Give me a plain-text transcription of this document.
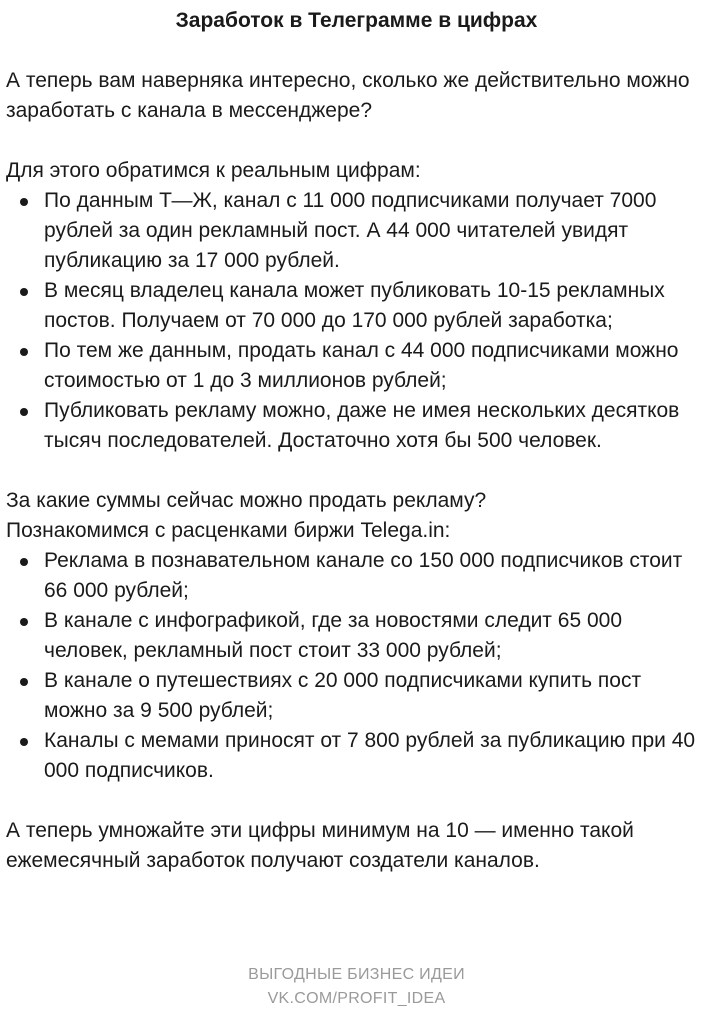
Заработок в Телеграмме в цифрах

А теперь вам наверняка интересно, сколько же действительно можно заработать с канала в мессенджере?

Для этого обратимся к реальным цифрам:

По данным Т—Ж, канал с 11 000 подписчиками получает 7000 рублей за один рекламный пост. А 44 000 читателей увидят публикацию за 17 000 рублей.
В месяц владелец канала может публиковать 10-15 рекламных постов. Получаем от 70 000 до 170 000 рублей заработка;
По тем же данным, продать канал с 44 000 подписчиками можно стоимостью от 1 до 3 миллионов рублей;
Публиковать рекламу можно, даже не имея нескольких десятков тысяч последователей. Достаточно хотя бы 500 человек.

За какие суммы сейчас можно продать рекламу?

Познакомимся с расценками биржи Telega.in:

Реклама в познавательном канале со 150 000 подписчиков стоит 66 000 рублей;
В канале с инфографикой, где за новостями следит 65 000 человек, рекламный пост стоит 33 000 рублей;
В канале о путешествиях с 20 000 подписчиками купить пост можно за 9 500 рублей;
Каналы с мемами приносят от 7 800 рублей за публикацию при 40 000 подписчиков.

А теперь умножайте эти цифры минимум на 10 — именно такой ежемесячный заработок получают создатели каналов.

ВЫГОДНЫЕ БИЗНЕС ИДЕИ
VK.COM/PROFIT_IDEA
